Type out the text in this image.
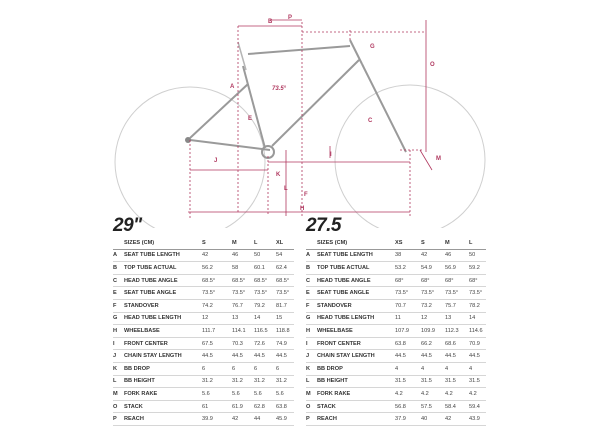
B
P
A
G
O
C
J
I
K
L
F
H
M
E
73.5°
29"
	SIZES (CM)	S	M	L	XL
A	SEAT TUBE LENGTH	42	46	50	54
B	TOP TUBE ACTUAL	56.2	58	60.1	62.4
C	HEAD TUBE ANGLE	68.5°	68.5°	68.5°	68.5°
E	SEAT TUBE ANGLE	73.5°	73.5°	73.5°	73.5°
F	STANDOVER	74.2	76.7	79.2	81.7
G	HEAD TUBE LENGTH	12	13	14	15
H	WHEELBASE	111.7	114.1	116.5	118.8
I	FRONT CENTER	67.5	70.3	72.6	74.9
J	CHAIN STAY LENGTH	44.5	44.5	44.5	44.5
K	BB DROP	6	6	6	6
L	BB HEIGHT	31.2	31.2	31.2	31.2
M	FORK RAKE	5.6	5.6	5.6	5.6
O	STACK	61	61.9	62.8	63.8
P	REACH	39.9	42	44	45.9
27.5
	SIZES (CM)	XS	S	M	L
A	SEAT TUBE LENGTH	38	42	46	50
B	TOP TUBE ACTUAL	53.2	54.9	56.9	59.2
C	HEAD TUBE ANGLE	68°	68°	68°	68°
E	SEAT TUBE ANGLE	73.5°	73.5°	73.5°	73.5°
F	STANDOVER	70.7	73.2	75.7	78.2
G	HEAD TUBE LENGTH	11	12	13	14
H	WHEELBASE	107.9	109.9	112.3	114.6
I	FRONT CENTER	63.8	66.2	68.6	70.9
J	CHAIN STAY LENGTH	44.5	44.5	44.5	44.5
K	BB DROP	4	4	4	4
L	BB HEIGHT	31.5	31.5	31.5	31.5
M	FORK RAKE	4.2	4.2	4.2	4.2
O	STACK	56.8	57.5	58.4	59.4
P	REACH	37.9	40	42	43.9
